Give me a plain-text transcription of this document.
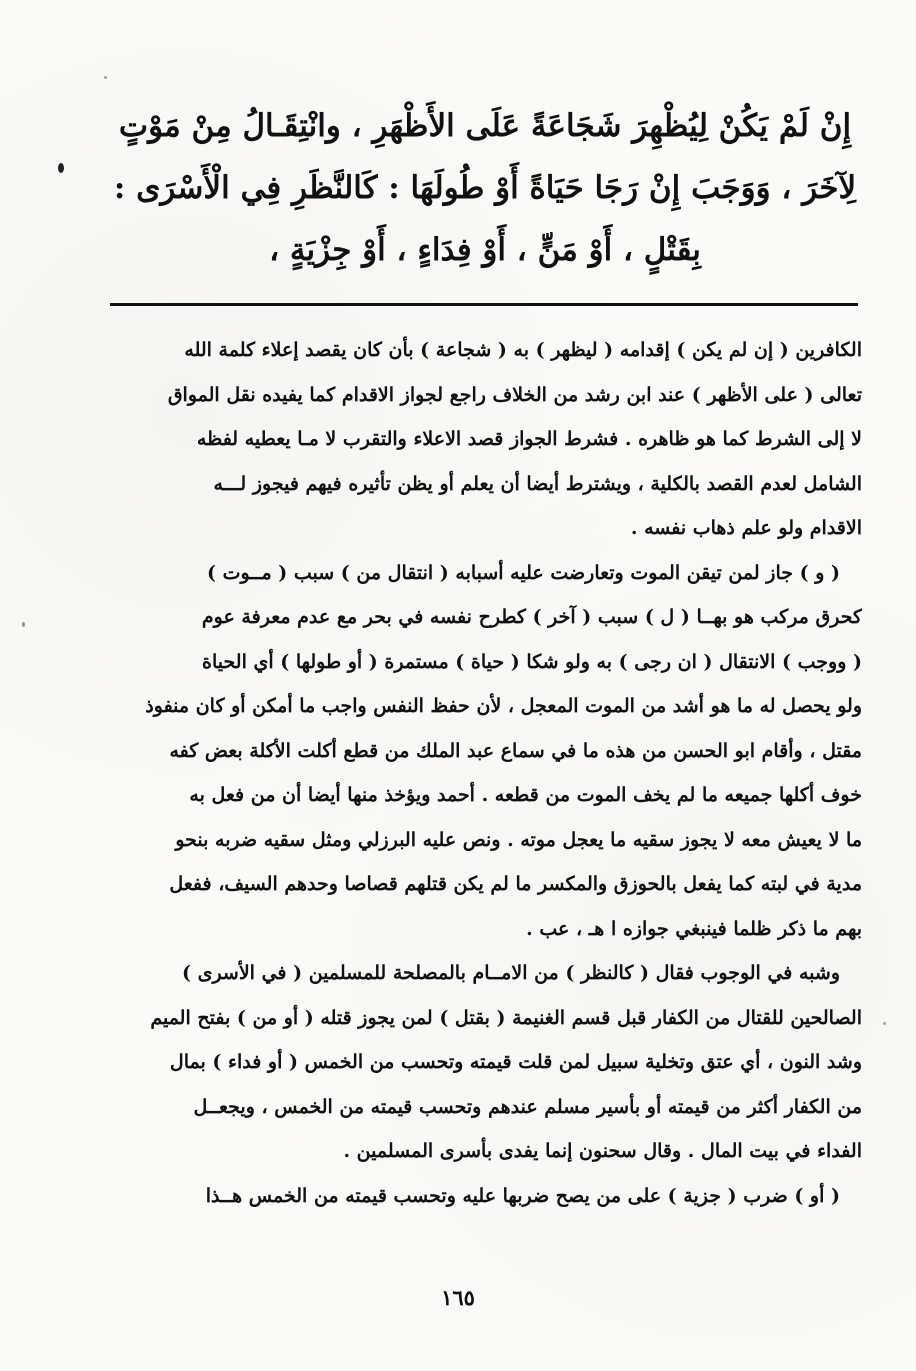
إِنْ لَمْ يَكُنْ لِيُظْهِرَ شَجَاعَةً عَلَى الأَظْهَرِ ، وانْتِقَـالُ مِنْ مَوْتٍ
لِآخَرَ ، وَوَجَبَ إِنْ رَجَا حَيَاةً أَوْ طُولَهَا : كَالنَّظَرِ فِي الْأَسْرَى :
بِقَتْلٍ ، أَوْ مَنٍّ ، أَوْ فِدَاءٍ ، أَوْ جِزْيَةٍ ،
الكافرين ( إن لم يكن ) إقدامه ( ليظهر ) به ( شجاعة ) بأن كان يقصد إعلاء كلمة الله
تعالى ( على الأظهر ) عند ابن رشد من الخلاف راجع لجواز الاقدام كما يفيده نقل المواق
لا إلى الشرط كما هو ظاهره . فشرط الجواز قصد الاعلاء والتقرب لا مـا يعطيه لفظه
الشامل لعدم القصد بالكلية ، ويشترط أيضا أن يعلم أو يظن تأثيره فيهم فيجوز لـــه
الاقدام ولو علم ذهاب نفسه .
( و ) جاز لمن تيقن الموت وتعارضت عليه أسبابه ( انتقال من ) سبب ( مــوت )
كحرق مركب هو بهــا ( ل ) سبب ( آخر ) كطرح نفسه في بحر مع عدم معرفة عوم
( ووجب ) الانتقال ( ان رجى ) به ولو شكا ( حياة ) مستمرة ( أو طولها ) أي الحياة
ولو يحصل له ما هو أشد من الموت المعجل ، لأن حفظ النفس واجب ما أمكن أو كان منفوذ
مقتل ، وأقام ابو الحسن من هذه ما في سماع عبد الملك من قطع أكلت الأكلة بعض كفه
خوف أكلها جميعه ما لم يخف الموت من قطعه . أحمد ويؤخذ منها أيضا أن من فعل به
ما لا يعيش معه لا يجوز سقيه ما يعجل موته . ونص عليه البرزلي ومثل سقيه ضربه بنحو
مدية في لبته كما يفعل بالحوزق والمكسر ما لم يكن قتلهم قصاصا وحدهم السيف، ففعل
بهم ما ذكر ظلما فينبغي جوازه ا هـ ، عب .
وشبه في الوجوب فقال ( كالنظر ) من الامــام بالمصلحة للمسلمين ( في الأسرى )
الصالحين للقتال من الكفار قبل قسم الغنيمة ( بقتل ) لمن يجوز قتله ( أو من ) بفتح الميم
وشد النون ، أي عتق وتخلية سبيل لمن قلت قيمته وتحسب من الخمس ( أو فداء ) بمال
من الكفار أكثر من قيمته أو بأسير مسلم عندهم وتحسب قيمته من الخمس ، ويجعــل
الفداء في بيت المال . وقال سحنون إنما يفدى بأسرى المسلمين .
( أو ) ضرب ( جزية ) على من يصح ضربها عليه وتحسب قيمته من الخمس هــذا
١٦٥
